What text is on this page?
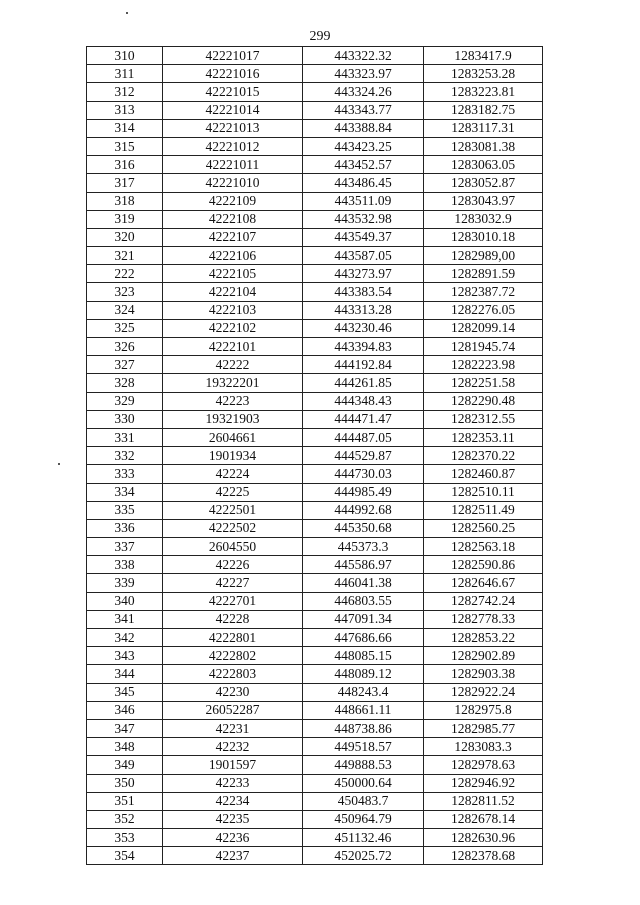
299
310	42221017	443322.32	1283417.9
311	42221016	443323.97	1283253.28
312	42221015	443324.26	1283223.81
313	42221014	443343.77	1283182.75
314	42221013	443388.84	1283117.31
315	42221012	443423.25	1283081.38
316	42221011	443452.57	1283063.05
317	42221010	443486.45	1283052.87
318	4222109	443511.09	1283043.97
319	4222108	443532.98	1283032.9
320	4222107	443549.37	1283010.18
321	4222106	443587.05	1282989,00
222	4222105	443273.97	1282891.59
323	4222104	443383.54	1282387.72
324	4222103	443313.28	1282276.05
325	4222102	443230.46	1282099.14
326	4222101	443394.83	1281945.74
327	42222	444192.84	1282223.98
328	19322201	444261.85	1282251.58
329	42223	444348.43	1282290.48
330	19321903	444471.47	1282312.55
331	2604661	444487.05	1282353.11
332	1901934	444529.87	1282370.22
333	42224	444730.03	1282460.87
334	42225	444985.49	1282510.11
335	4222501	444992.68	1282511.49
336	4222502	445350.68	1282560.25
337	2604550	445373.3	1282563.18
338	42226	445586.97	1282590.86
339	42227	446041.38	1282646.67
340	4222701	446803.55	1282742.24
341	42228	447091.34	1282778.33
342	4222801	447686.66	1282853.22
343	4222802	448085.15	1282902.89
344	4222803	448089.12	1282903.38
345	42230	448243.4	1282922.24
346	26052287	448661.11	1282975.8
347	42231	448738.86	1282985.77
348	42232	449518.57	1283083.3
349	1901597	449888.53	1282978.63
350	42233	450000.64	1282946.92
351	42234	450483.7	1282811.52
352	42235	450964.79	1282678.14
353	42236	451132.46	1282630.96
354	42237	452025.72	1282378.68
